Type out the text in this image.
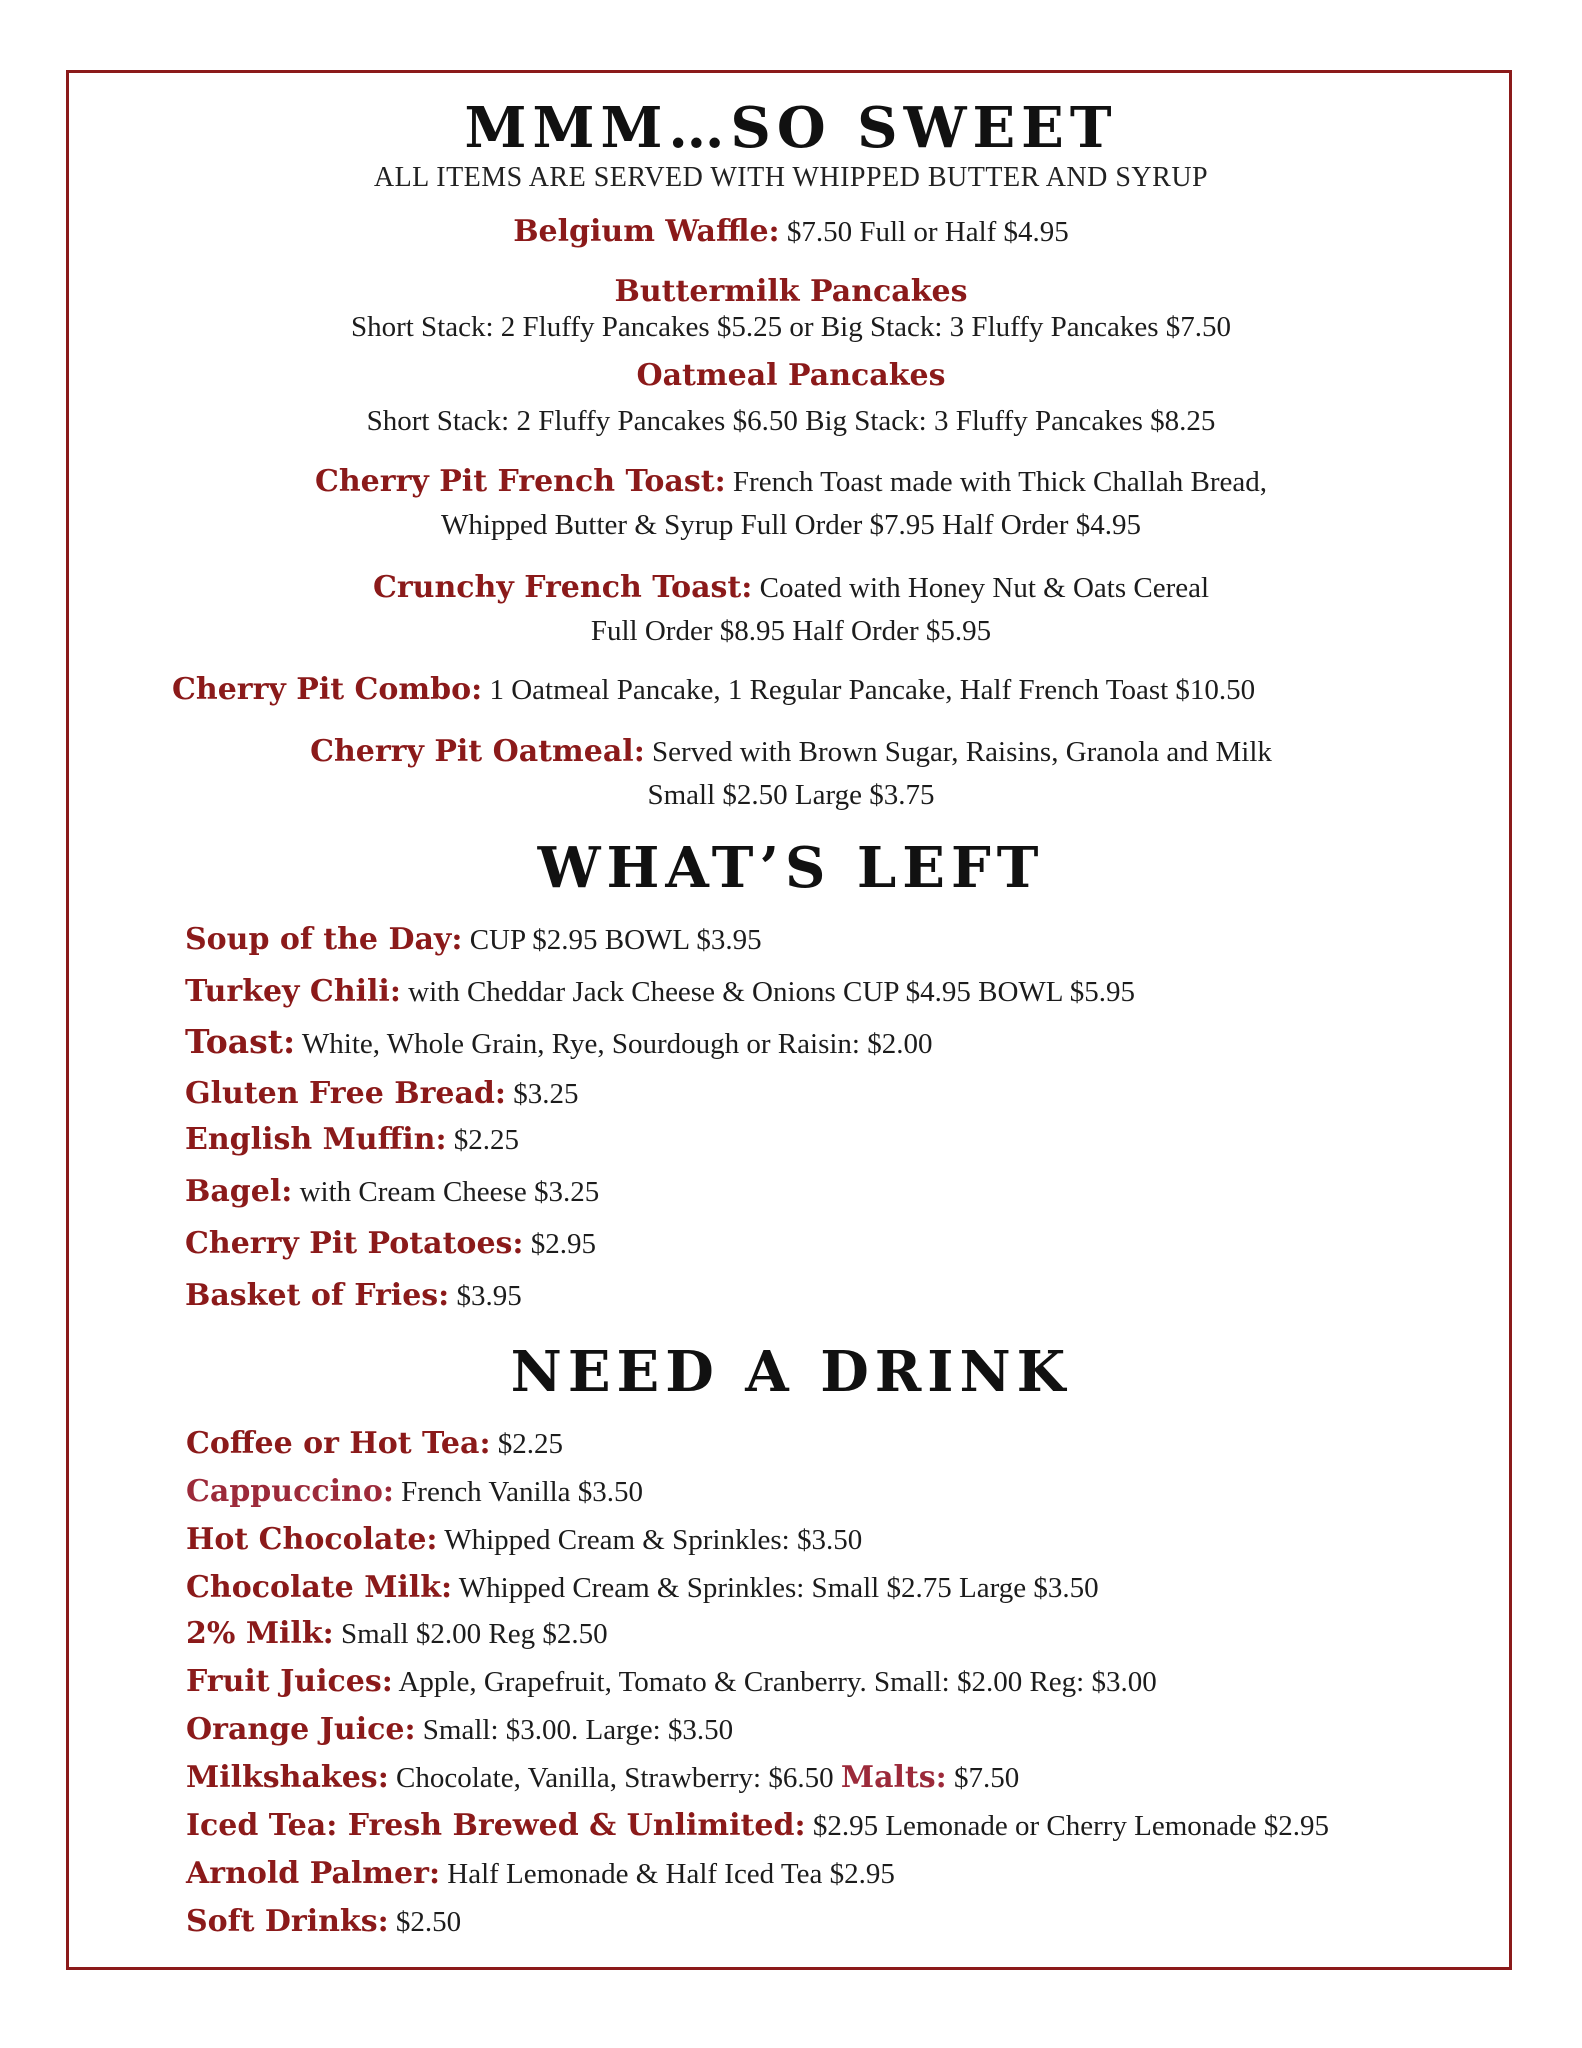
MMM…SO SWEET
ALL ITEMS ARE SERVED WITH WHIPPED BUTTER AND SYRUP
Belgium Waffle: $7.50 Full or Half $4.95
Buttermilk Pancakes
Short Stack: 2 Fluffy Pancakes $5.25 or Big Stack: 3 Fluffy Pancakes $7.50
Oatmeal Pancakes
Short Stack: 2 Fluffy Pancakes $6.50 Big Stack: 3 Fluffy Pancakes $8.25
Cherry Pit French Toast: French Toast made with Thick Challah Bread,
Whipped Butter & Syrup Full Order $7.95 Half Order $4.95
Crunchy French Toast: Coated with Honey Nut & Oats Cereal
Full Order $8.95 Half Order $5.95
Cherry Pit Combo: 1 Oatmeal Pancake, 1 Regular Pancake, Half French Toast $10.50
Cherry Pit Oatmeal: Served with Brown Sugar, Raisins, Granola and Milk
Small $2.50 Large $3.75
WHAT’S LEFT
Soup of the Day: CUP $2.95 BOWL $3.95
Turkey Chili: with Cheddar Jack Cheese & Onions CUP $4.95 BOWL $5.95
Toast: White, Whole Grain, Rye, Sourdough or Raisin: $2.00
Gluten Free Bread: $3.25
English Muffin: $2.25
Bagel: with Cream Cheese $3.25
Cherry Pit Potatoes: $2.95
Basket of Fries: $3.95
NEED A DRINK
Coffee or Hot Tea: $2.25
Cappuccino: French Vanilla $3.50
Hot Chocolate: Whipped Cream & Sprinkles: $3.50
Chocolate Milk: Whipped Cream & Sprinkles: Small $2.75 Large $3.50
2% Milk: Small $2.00 Reg $2.50
Fruit Juices: Apple, Grapefruit, Tomato & Cranberry. Small: $2.00 Reg: $3.00
Orange Juice: Small: $3.00. Large: $3.50
Milkshakes: Chocolate, Vanilla, Strawberry: $6.50 Malts: $7.50
Iced Tea: Fresh Brewed & Unlimited: $2.95 Lemonade or Cherry Lemonade $2.95
Arnold Palmer: Half Lemonade & Half Iced Tea $2.95
Soft Drinks: $2.50
